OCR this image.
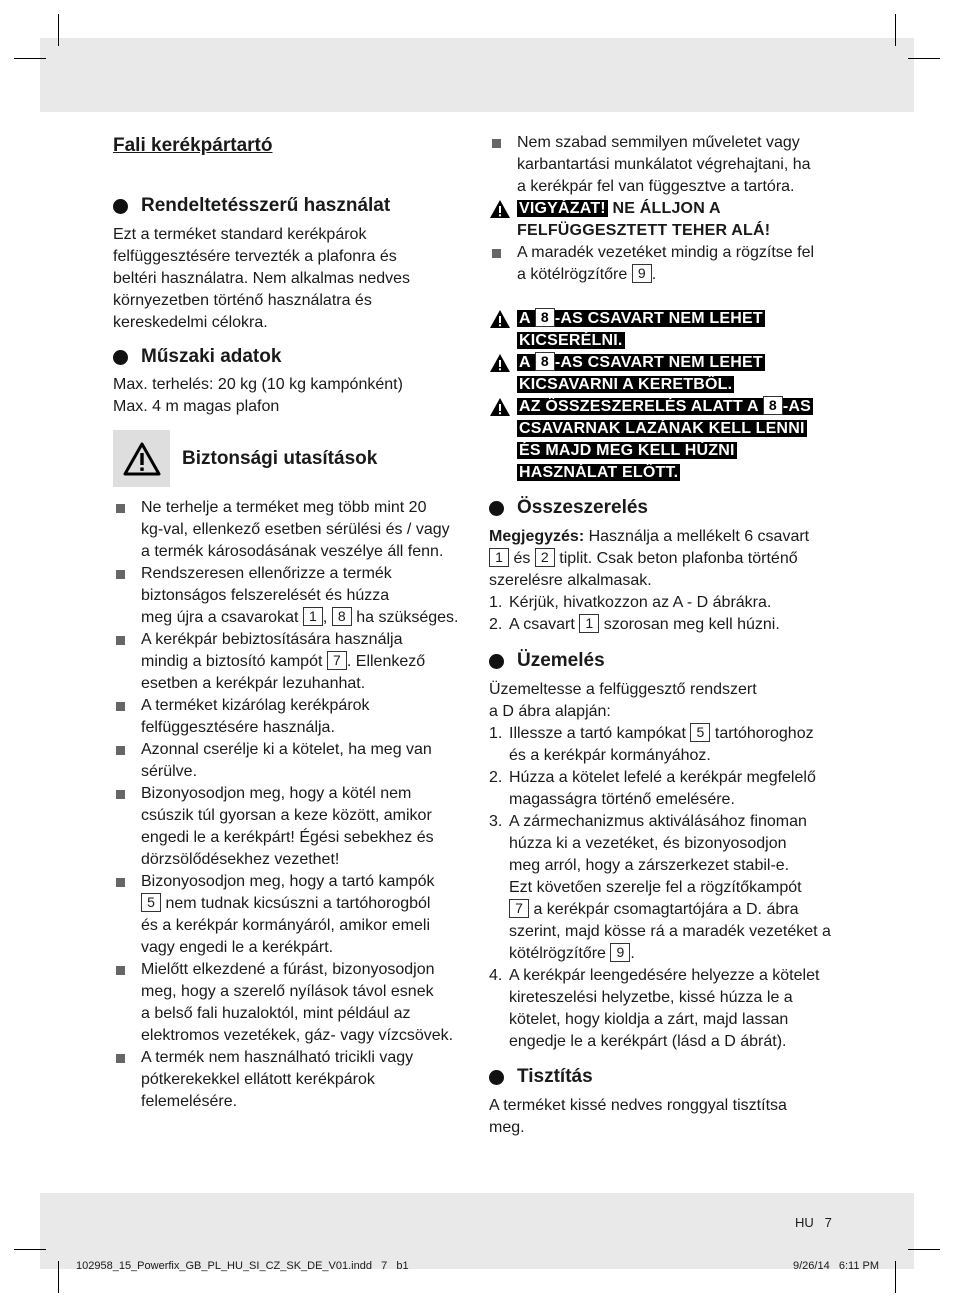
Fali kerékpártartó

Rendeltetésszerű használat

Ezt a terméket standard kerékpárok

felfüggesztésére tervezték a plafonra és

beltéri használatra. Nem alkalmas nedves

környezetben történő használatra és

kereskedelmi célokra.

Műszaki adatok

Max. terhelés: 20 kg (10 kg kampónként)

Max. 4 m magas plafon

Biztonsági utasítások
Ne terhelje a terméket meg több mint 20
kg-val, ellenkező esetben sérülési és / vagy
a termék károsodásának veszélye áll fenn.
Rendszeresen ellenőrizze a termék
biztonságos felszerelését és húzza
meg újra a csavarokat 1 , 8 ha szükséges.
A kerékpár bebiztosítására használja
mindig a biztosító kampót 7 . Ellenkező
esetben a kerékpár lezuhanhat.
A terméket kizárólag kerékpárok
felfüggesztésére használja.
Azonnal cserélje ki a kötelet, ha meg van
sérülve.
Bizonyosodjon meg, hogy a kötél nem
csúszik túl gyorsan a keze között, amikor
engedi le a kerékpárt! Égési sebekhez és
dörzsölődésekhez vezethet!
Bizonyosodjon meg, hogy a tartó kampók
5 nem tudnak kicsúszni a tartóhorogból
és a kerékpár kormányáról, amikor emeli
vagy engedi le a kerékpárt.
Mielőtt elkezdené a fúrást, bizonyosodjon
meg, hogy a szerelő nyílások távol esnek
a belső fali huzaloktól, mint például az
elektromos vezetékek, gáz- vagy vízcsövek.
A termék nem használható tricikli vagy
pótkerekekkel ellátott kerékpárok
felemelésére.
Nem szabad semmilyen műveletet vagy
karbantartási munkálatot végrehajtani, ha
a kerékpár fel van függesztve a tartóra.
VIGYÁZAT! NE ÁLLJON A
FELFÜGGESZTETT TEHER ALÁ!
A maradék vezetéket mindig a rögzítse fel
a kötélrögzítőre 9 .
A 8 -AS CSAVART NEM LEHET
KICSERÉLNI.
A 8 -AS CSAVART NEM LEHET
KICSAVARNI A KERETBŐL.
AZ ÖSSZESZERELÉS ALATT A 8 -AS
CSAVARNAK LAZÁNAK KELL LENNI
ÉS MAJD MEG KELL HÚZNI
HASZNÁLAT ELŐTT.
Összeszerelés

Megjegyzés: Használja a mellékelt 6 csavart

1 és 2 tiplit. Csak beton plafonba történő

szerelésre alkalmasak.

1. Kérjük, hivatkozzon az A - D ábrákra.
2. A csavart 1 szorosan meg kell húzni.
Üzemelés

Üzemeltesse a felfüggesztő rendszert

a D ábra alapján:

1. Illessze a tartó kampókat 5 tartóhoroghoz
és a kerékpár kormányához.
2. Húzza a kötelet lefelé a kerékpár megfelelő
magasságra történő emelésére.
3. A zármechanizmus aktiválásához finoman
húzza ki a vezetéket, és bizonyosodjon
meg arról, hogy a zárszerkezet stabil-e.
Ezt követően szerelje fel a rögzítőkampót
7 a kerékpár csomagtartójára a D. ábra
szerint, majd kösse rá a maradék vezetéket a
kötélrögzítőre 9 .
4. A kerékpár leengedésére helyezze a kötelet
kireteszelési helyzetbe, kissé húzza le a
kötelet, hogy kioldja a zárt, majd lassan
engedje le a kerékpárt (lásd a D ábrát).
Tisztítás

A terméket kissé nedves ronggyal tisztítsa

meg.

HU   7
102958_15_Powerfix_GB_PL_HU_SI_CZ_SK_DE_V01.indd   7   b1	9/26/14   6:11 PM
